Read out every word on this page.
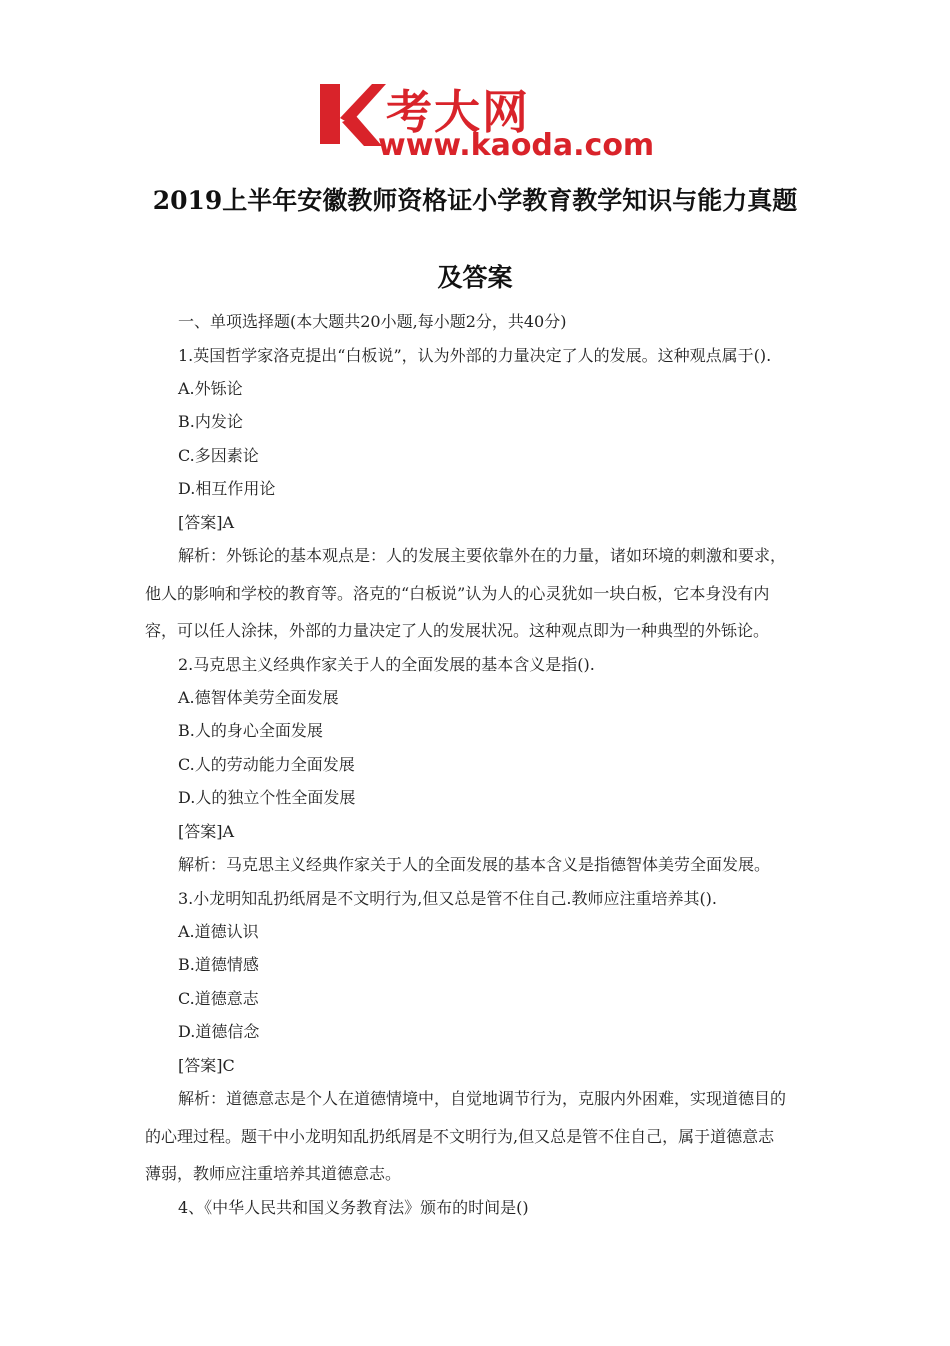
考大网
www.kaoda.com
2019上半年安徽教师资格证小学教育教学知识与能力真题
及答案
一、单项选择题(本大题共20小题,每小题2分，共40分)
1.英国哲学家洛克提出“白板说”，认为外部的力量决定了人的发展。这种观点属于().
A.外铄论
B.内发论
C.多因素论
D.相互作用论
[答案]A
解析：外铄论的基本观点是：人的发展主要依靠外在的力量，诸如环境的刺激和要求，
他人的影响和学校的教育等。洛克的“白板说”认为人的心灵犹如一块白板，它本身没有内
容，可以任人涂抹，外部的力量决定了人的发展状况。这种观点即为一种典型的外铄论。
2.马克思主义经典作家关于人的全面发展的基本含义是指().
A.德智体美劳全面发展
B.人的身心全面发展
C.人的劳动能力全面发展
D.人的独立个性全面发展
[答案]A
解析：马克思主义经典作家关于人的全面发展的基本含义是指德智体美劳全面发展。
3.小龙明知乱扔纸屑是不文明行为,但又总是管不住自己.教师应注重培养其().
A.道德认识
B.道德情感
C.道德意志
D.道德信念
[答案]C
解析：道德意志是个人在道德情境中，自觉地调节行为，克服内外困难，实现道德目的
的心理过程。题干中小龙明知乱扔纸屑是不文明行为,但又总是管不住自己，属于道德意志
薄弱，教师应注重培养其道德意志。
4、《中华人民共和国义务教育法》颁布的时间是()
